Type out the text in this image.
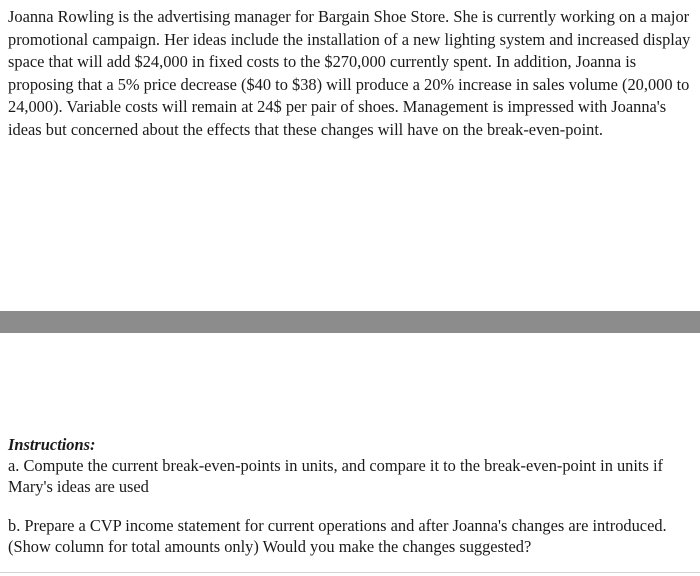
Joanna Rowling is the advertising manager for Bargain Shoe Store. She is currently working on a major promotional campaign. Her ideas include the installation of a new lighting system and increased display space that will add $24,000 in fixed costs to the $270,000 currently spent. In addition, Joanna is proposing that a 5% price decrease ($40 to $38) will produce a 20% increase in sales volume (20,000 to 24,000). Variable costs will remain at 24$ per pair of shoes. Management is impressed with Joanna's ideas but concerned about the effects that these changes will have on the break-even-point.

Instructions:

a. Compute the current break-even-points in units, and compare it to the break-even-point in units if Mary's ideas are used

b. Prepare a CVP income statement for current operations and after Joanna's changes are introduced. (Show column for total amounts only) Would you make the changes suggested?
